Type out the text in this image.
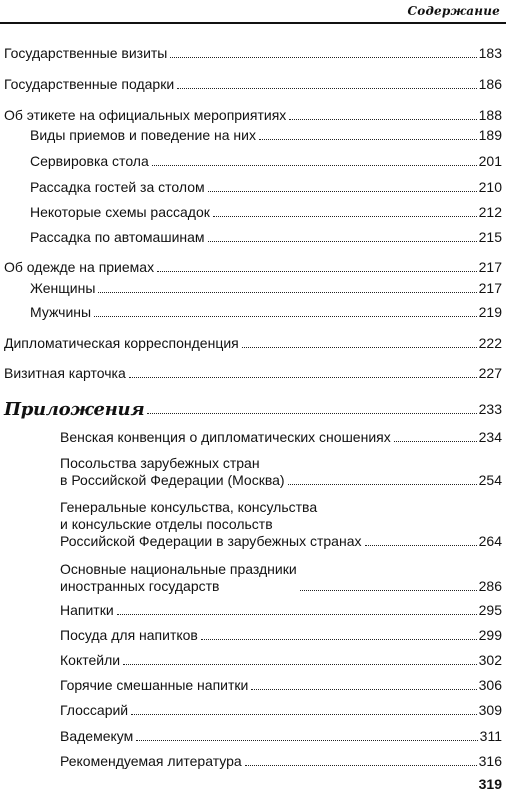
Содержание
Государственные визиты	183
Государственные подарки	186
Об этикете на официальных мероприятиях	188
Виды приемов и поведение на них	189
Сервировка стола	201
Рассадка гостей за столом	210
Некоторые схемы рассадок	212
Рассадка по автомашинам	215
Об одежде на приемах	217
Женщины	217
Мужчины	219
Дипломатическая корреспонденция	222
Визитная карточка	227
Приложения	233
Венская конвенция о дипломатических сношениях	234
Посольства зарубежных стран
в Российской Федерации (Москва)	254
Генеральные консульства, консульства
и консульские отделы посольств
Российской Федерации в зарубежных странах	264
Основные национальные праздники
иностранных государств	286
Напитки	295
Посуда для напитков	299
Коктейли	302
Горячие смешанные напитки	306
Глоссарий	309
Вадемекум	311
Рекомендуемая литература	316
319
